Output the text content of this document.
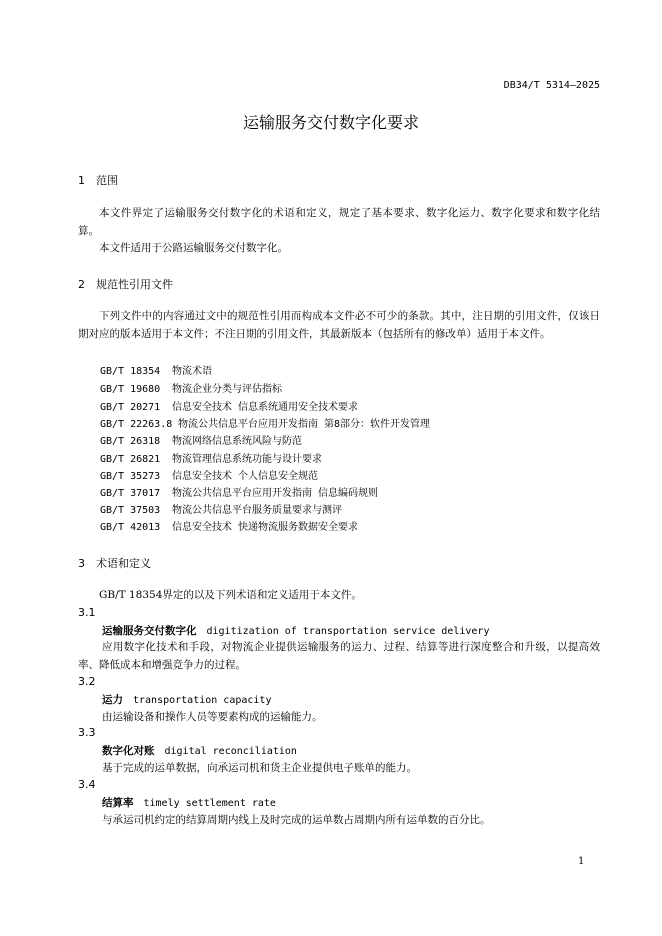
DB34/T 5314—2025
运输服务交付数字化要求
1 范围
本文件界定了运输服务交付数字化的术语和定义，规定了基本要求、数字化运力、数字化要求和数字化结算。
本文件适用于公路运输服务交付数字化。
2 规范性引用文件
下列文件中的内容通过文中的规范性引用而构成本文件必不可少的条款。其中，注日期的引用文件，仅该日期对应的版本适用于本文件；不注日期的引用文件，其最新版本（包括所有的修改单）适用于本文件。
GB/T 18354 物流术语
GB/T 19680 物流企业分类与评估指标
GB/T 20271 信息安全技术 信息系统通用安全技术要求
GB/T 22263.8 物流公共信息平台应用开发指南 第8部分：软件开发管理
GB/T 26318 物流网络信息系统风险与防范
GB/T 26821 物流管理信息系统功能与设计要求
GB/T 35273 信息安全技术 个人信息安全规范
GB/T 37017 物流公共信息平台应用开发指南 信息编码规则
GB/T 37503 物流公共信息平台服务质量要求与测评
GB/T 42013 信息安全技术 快递物流服务数据安全要求
3 术语和定义
GB/T 18354界定的以及下列术语和定义适用于本文件。
3.1
运输服务交付数字化 digitization of transportation service delivery
应用数字化技术和手段，对物流企业提供运输服务的运力、过程、结算等进行深度整合和升级，以提高效率、降低成本和增强竞争力的过程。
3.2
运力 transportation capacity
由运输设备和操作人员等要素构成的运输能力。
3.3
数字化对账 digital reconciliation
基于完成的运单数据，向承运司机和货主企业提供电子账单的能力。
3.4
结算率 timely settlement rate
与承运司机约定的结算周期内线上及时完成的运单数占周期内所有运单数的百分比。
1
